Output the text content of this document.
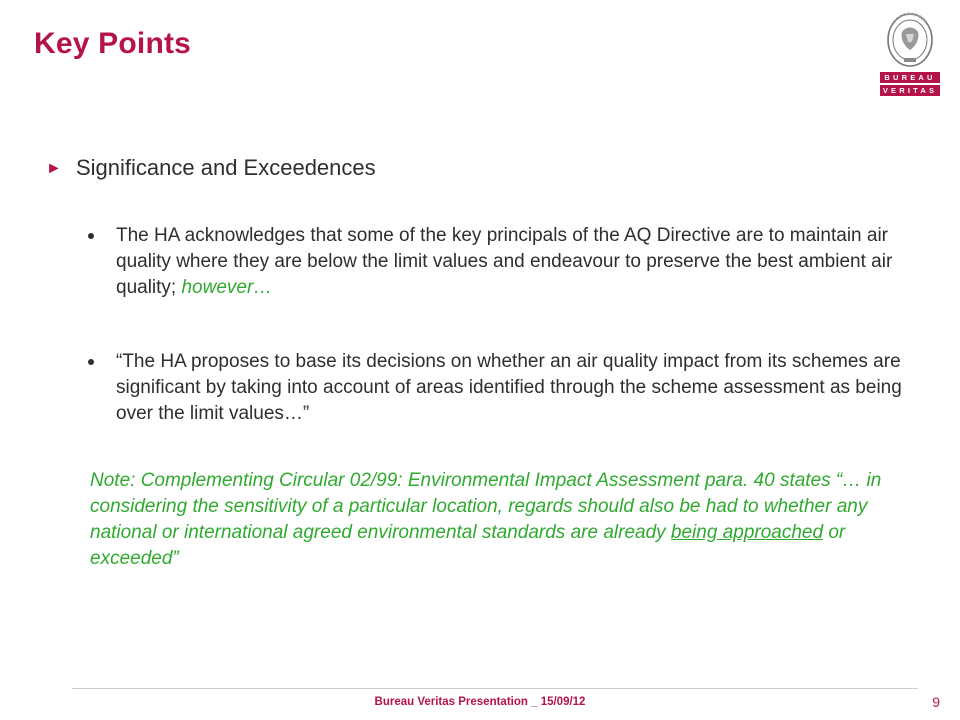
Key Points
BUREAU
VERITAS
► Significance and Exceedences
The HA acknowledges that some of the key principals of the AQ Directive are to maintain air quality where they are below the limit values and endeavour to preserve the best ambient air quality; however…
“The HA proposes to base its decisions on whether an air quality impact from its schemes are significant by taking into account of areas identified through the scheme assessment as being over the limit values…”
Note: Complementing Circular 02/99: Environmental Impact Assessment para. 40 states “… in considering the sensitivity of a particular location, regards should also be had to whether any national or international agreed environmental standards are already being approached or exceeded”
Bureau Veritas Presentation _ 15/09/12	9
